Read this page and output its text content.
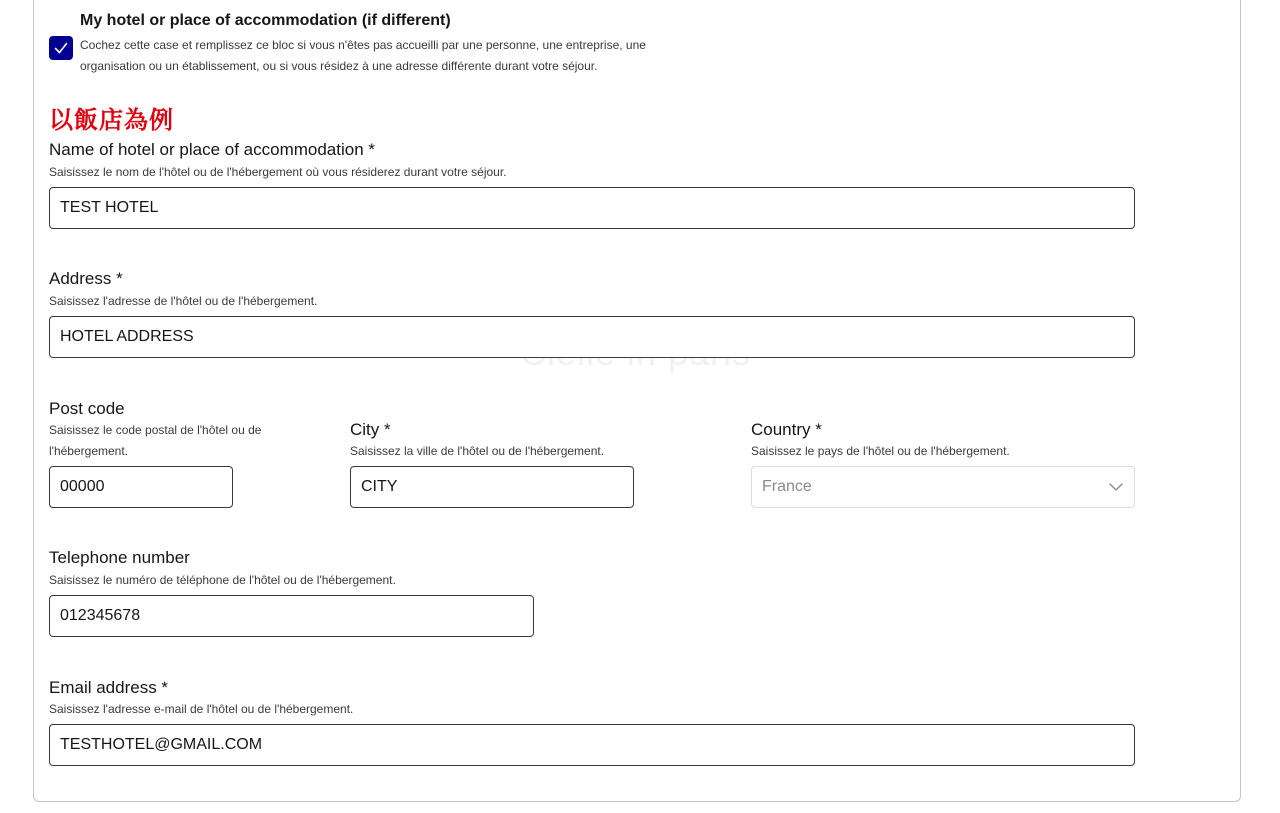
My hotel or place of accommodation (if different)
Cochez cette case et remplissez ce bloc si vous n'êtes pas accueilli par une personne, une entreprise, une organisation ou un établissement, ou si vous résidez à une adresse différente durant votre séjour.
以飯店為例
Name of hotel or place of accommodation *
Saisissez le nom de l'hôtel ou de l'hébergement où vous résiderez durant votre séjour.
TEST HOTEL
Address *
Saisissez l'adresse de l'hôtel ou de l'hébergement.
HOTEL ADDRESS
Post code
Saisissez le code postal de l'hôtel ou de l'hébergement.
00000
City *
Saisissez la ville de l'hôtel ou de l'hébergement.
CITY
Country *
Saisissez le pays de l'hôtel ou de l'hébergement.
France
Telephone number
Saisissez le numéro de téléphone de l'hôtel ou de l'hébergement.
012345678
Email address *
Saisissez l'adresse e-mail de l'hôtel ou de l'hébergement.
TESTHOTEL@GMAIL.COM
